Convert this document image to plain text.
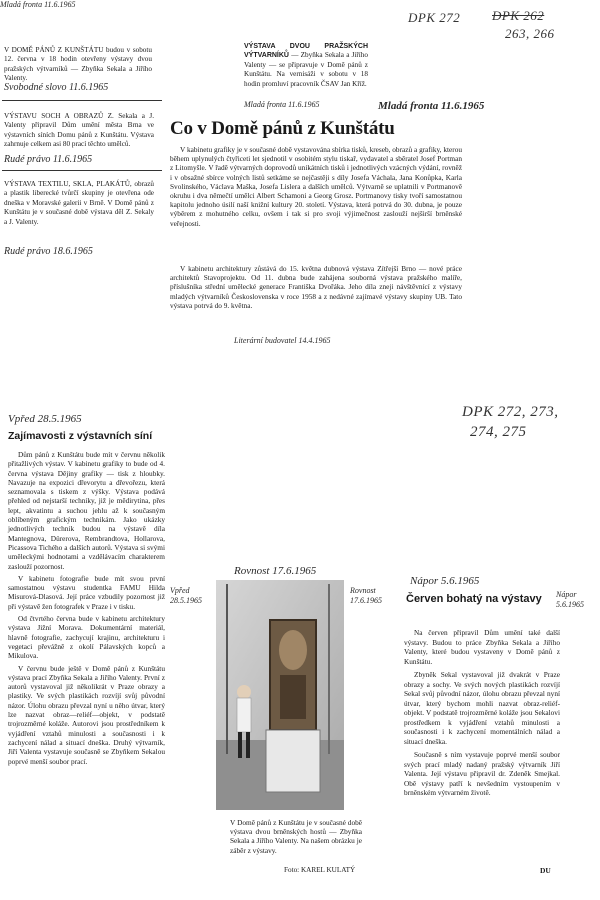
DPK 272 DPK 262
263, 266
V DOMĚ PÁNŮ Z KUNŠTÁTU budou v sobotu 12. června v 18 hodin otevřeny výstavy dvou pražských výtvarníků — Zbyňka Sekala a Jiřího Valenty.
Svobodné slovo 11.6.1965
VÝSTAVU SOCH A OBRAZŮ Z. Sekala a J. Valenty připravil Dům umění města Brna ve výstavních síních Domu pánů z Kunštátu. Výstava zahrnuje celkem asi 80 prací těchto umělců.
Rudé právo 11.6.1965
VÝSTAVA TEXTILU, SKLA, PLAKÁTŮ, obrazů a plastik liberecké tvůrčí skupiny je otevřena ode dneška v Moravské galerii v Brně. V Domě pánů z Kunštátu je v současné době výstava děl Z. Sekaly a J. Valenty.
Rudé právo 18.6.1965
VÝSTAVA DVOU PRAŽSKÝCH VÝTVARNÍKŮ — Zbyňka Sekala a Jiřího Valenty — se připravuje v Domě pánů z Kunštátu. Na vernisáži v sobotu v 18 hodin promluví pracovník ČSAV Jan Kříž.
Mladá fronta 11.6.1965
Mladá fronta 11.6.1965	Mladá fronta 11.6.1965
Co v Domě pánů z Kunštátu
V kabinetu grafiky je v současné době vystavována sbírka tisků, kreseb, obrazů a grafiky, kterou během uplynulých čtyřiceti let sjednotil v osobitém stylu tiskař, vydavatel a sběratel Josef Portman z Litomyšle. V řadě výtvarných doprovodů unikátních tisků i jednotlivých vzácných výdání, rovněž i v obsažné sbírce volných listů setkáme se nejčastěji s díly Josefa Váchala, Jana Konůpka, Karla Svolinského, Václava Maška, Josefa Lislera a dalších umělců. Výtvarně se uplatnili v Portmanově okruhu i dva němečtí umělci Albert Schamoni a Georg Grosz. Portmanovy tisky tvoří samostatnou kapitolu jednoho úsilí naší knižní kultury 20. století. Výstava, která potrvá do 30. dubna, je pouze výběrem z mohutného celku, ovšem i tak si pro svoji výjimečnost zaslouží nejširší brněnské veřejnosti.
V kabinetu architektury zůstává do 15. května dubnová výstava Zítřejší Brno — nové práce architektů Stavoprojektu. Od 11. dubna bude zahájena souborná výstava pražského malíře, příslušníka střední umělecké generace Františka Dvořáka. Jeho díla zneji návštěvnící z výstavy mladých výtvarníků Československa v roce 1958 a z nedávné zajímavé výstavy skupiny UB. Tato výstava potrvá do 9. května.
Literární budovatel 14.4.1965
DPK 272, 273,
274, 275
Vpřed 28.5.1965
Zajímavosti z výstavních síní
Dům pánů z Kunštátu bude mít v červnu několik přitažlivých výstav. V kabinetu grafiky to bude od 4. června výstava Dějiny grafiky — tisk z hloubky. Navazuje na expozici dřevorytu a dřevořezu, která seznamovala s tiskem z výšky. Výstava podává přehled od nejstarší techniky, již je mědirytina, přes lept, akvatintu a suchou jehlu až k současným oblíbeným grafickým technikám. Jako ukázky jednotlivých technik budou na výstavě díla Mantegnova, Dürerova, Rembrandtova, Hollarova, Picassova Tichého a dalších autorů. Výstava si svými uměleckými hodnotami a vzdělávacím charakterem zaslouží pozornost.
V kabinetu fotografie bude mít svou první samostatnou výstavu studentka FAMU Hilda Misurová-Dlasová. Její práce vzbudily pozornost již při výstavě žen fotografek v Praze i v tisku.
Od čtvrtého června bude v kabinetu architektury výstava Jižní Morava. Dokumentární materiál, hlavně fotografie, zachycují krajinu, architekturu i vegetaci převážně z okolí Pálavských kopců a Mikulova.
V červnu bude ještě v Domě pánů z Kunštátu výstava prací Zbyňka Sekala a Jiřího Valenty. První z autorů vystavoval již několikrát v Praze obrazy a plastiky. Ve svých plastikách rozvíjí svůj původní názor. Úlohu obrazu převzal nyní u něho útvar, který lze nazvat obraz—reliéf—objekt, v podstatě trojrozměrné koláže. Autorovi jsou prostředníkem k vyjádření vztahů minulosti a současnosti i k zachycení nálad a situací dneška. Druhý výtvarník, Jiří Valenta vystavuje současně se Zbyňkem Sekalou poprvé menší soubor prací.
Rovnost 17.6.1965
Vpřed 28.5.1965
Rovnost 17.6.1965
V Domě pánů z Kunštátu je v současné době výstava dvou brněnských hostů — Zbyňka Sekala a Jiřího Valenty. Na našem obrázku je záběr z výstavy.
Foto: KAREL KULATÝ
Nápor 5.6.1965
Nápor 5.6.1965
Červen bohatý na výstavy
Na červen připravil Dům umění také další výstavy. Budou to práce Zbyňka Sekala a Jiřího Valenty, které budou vystaveny v Domě pánů z Kunštátu.
Zbyněk Sekal vystavoval již dvakrát v Praze obrazy a sochy. Ve svých nových plastikách rozvíjí Sekal svůj původní názor, úlohu obrazu převzal nyní útvar, který bychom mohli nazvat obraz-reliéf-objekt. V podstatě trojrozměrné koláže jsou Sekalovi prostředkem k vyjádření vztahů minulosti a současnosti i k zachycení momentálních nálad a situací dneška.
Současně s ním vystavuje poprvé menší soubor svých prací mladý nadaný pražský výtvarník Jiří Valenta. Její výstavu připravil dr. Zdeněk Smejkal. Obě výstavy patří k nevšedním vystoupením v brněnském výtvarném životě.
DU
